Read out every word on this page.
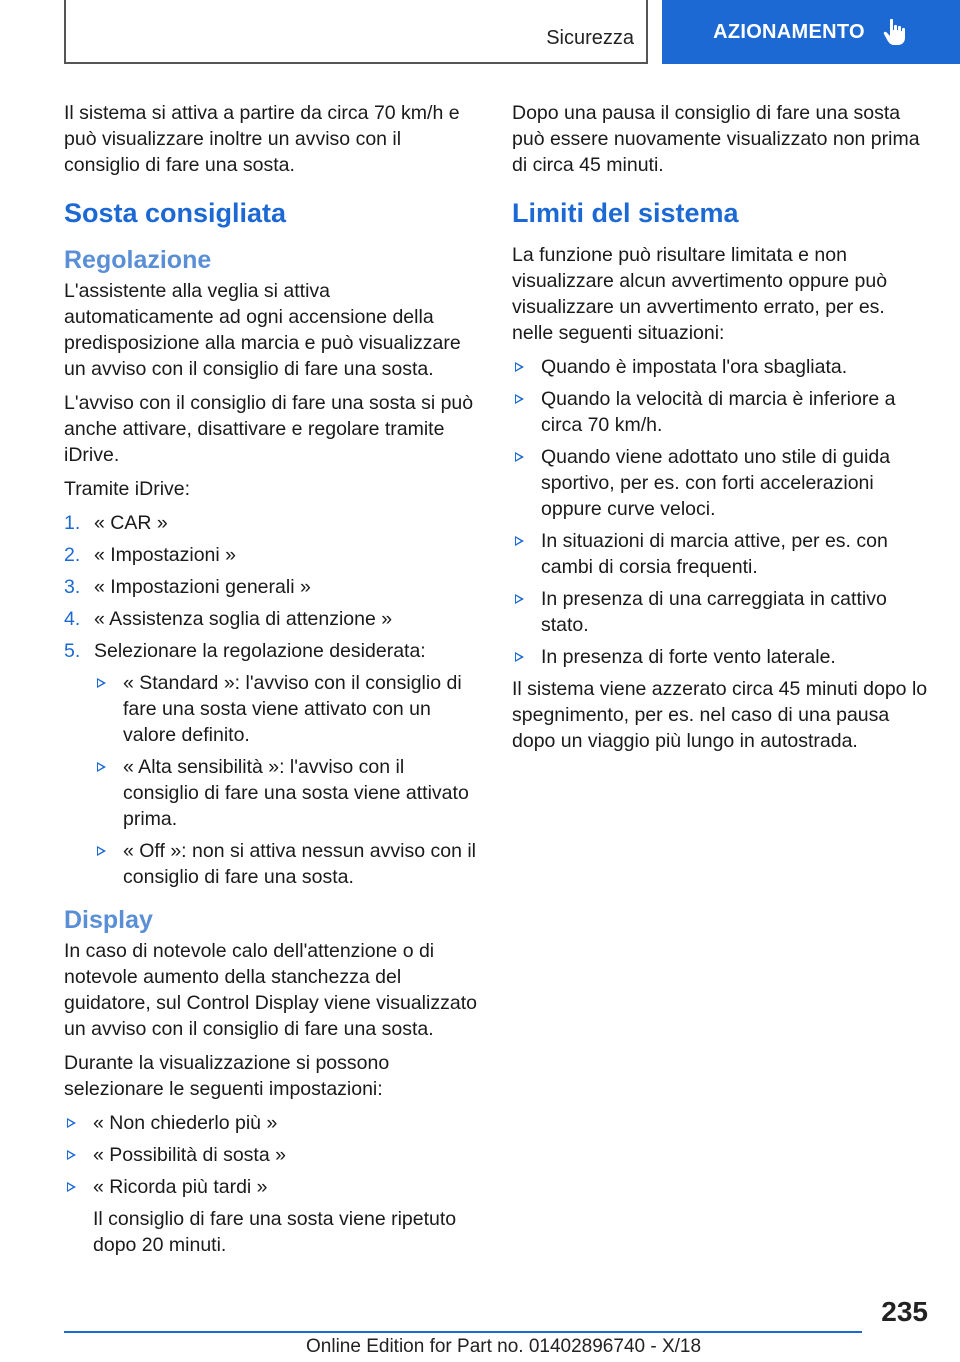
Sicurezza	AZIONAMENTO

Il sistema si attiva a partire da circa 70 km/h e può visualizzare inoltre un avviso con il consiglio di fare una sosta.

Sosta consigliata
Regolazione

L'assistente alla veglia si attiva automaticamente ad ogni accensione della predisposizione alla marcia e può visualizzare un avviso con il consiglio di fare una sosta.

L'avviso con il consiglio di fare una sosta si può anche attivare, disattivare e regolare tramite iDrive.

Tramite iDrive:

1. « CAR »
2. « Impostazioni »
3. « Impostazioni generali »
4. « Assistenza soglia di attenzione »
5. Selezionare la regolazione desiderata:
« Standard »: l'avviso con il consiglio di fare una sosta viene attivato con un valore definito.
« Alta sensibilità »: l'avviso con il consiglio di fare una sosta viene attivato prima.
« Off »: non si attiva nessun avviso con il consiglio di fare una sosta.
Display

In caso di notevole calo dell'attenzione o di notevole aumento della stanchezza del guidatore, sul Control Display viene visualizzato un avviso con il consiglio di fare una sosta.

Durante la visualizzazione si possono selezionare le seguenti impostazioni:

« Non chiederlo più »
« Possibilità di sosta »
« Ricorda più tardi »
Il consiglio di fare una sosta viene ripetuto dopo 20 minuti.

Dopo una pausa il consiglio di fare una sosta può essere nuovamente visualizzato non prima di circa 45 minuti.

Limiti del sistema

La funzione può risultare limitata e non visualizzare alcun avvertimento oppure può visualizzare un avvertimento errato, per es. nelle seguenti situazioni:

Quando è impostata l'ora sbagliata.
Quando la velocità di marcia è inferiore a circa 70 km/h.
Quando viene adottato uno stile di guida sportivo, per es. con forti accelerazioni oppure curve veloci.
In situazioni di marcia attive, per es. con cambi di corsia frequenti.
In presenza di una carreggiata in cattivo stato.
In presenza di forte vento laterale.

Il sistema viene azzerato circa 45 minuti dopo lo spegnimento, per es. nel caso di una pausa dopo un viaggio più lungo in autostrada.

235
Online Edition for Part no. 01402896740 - X/18
